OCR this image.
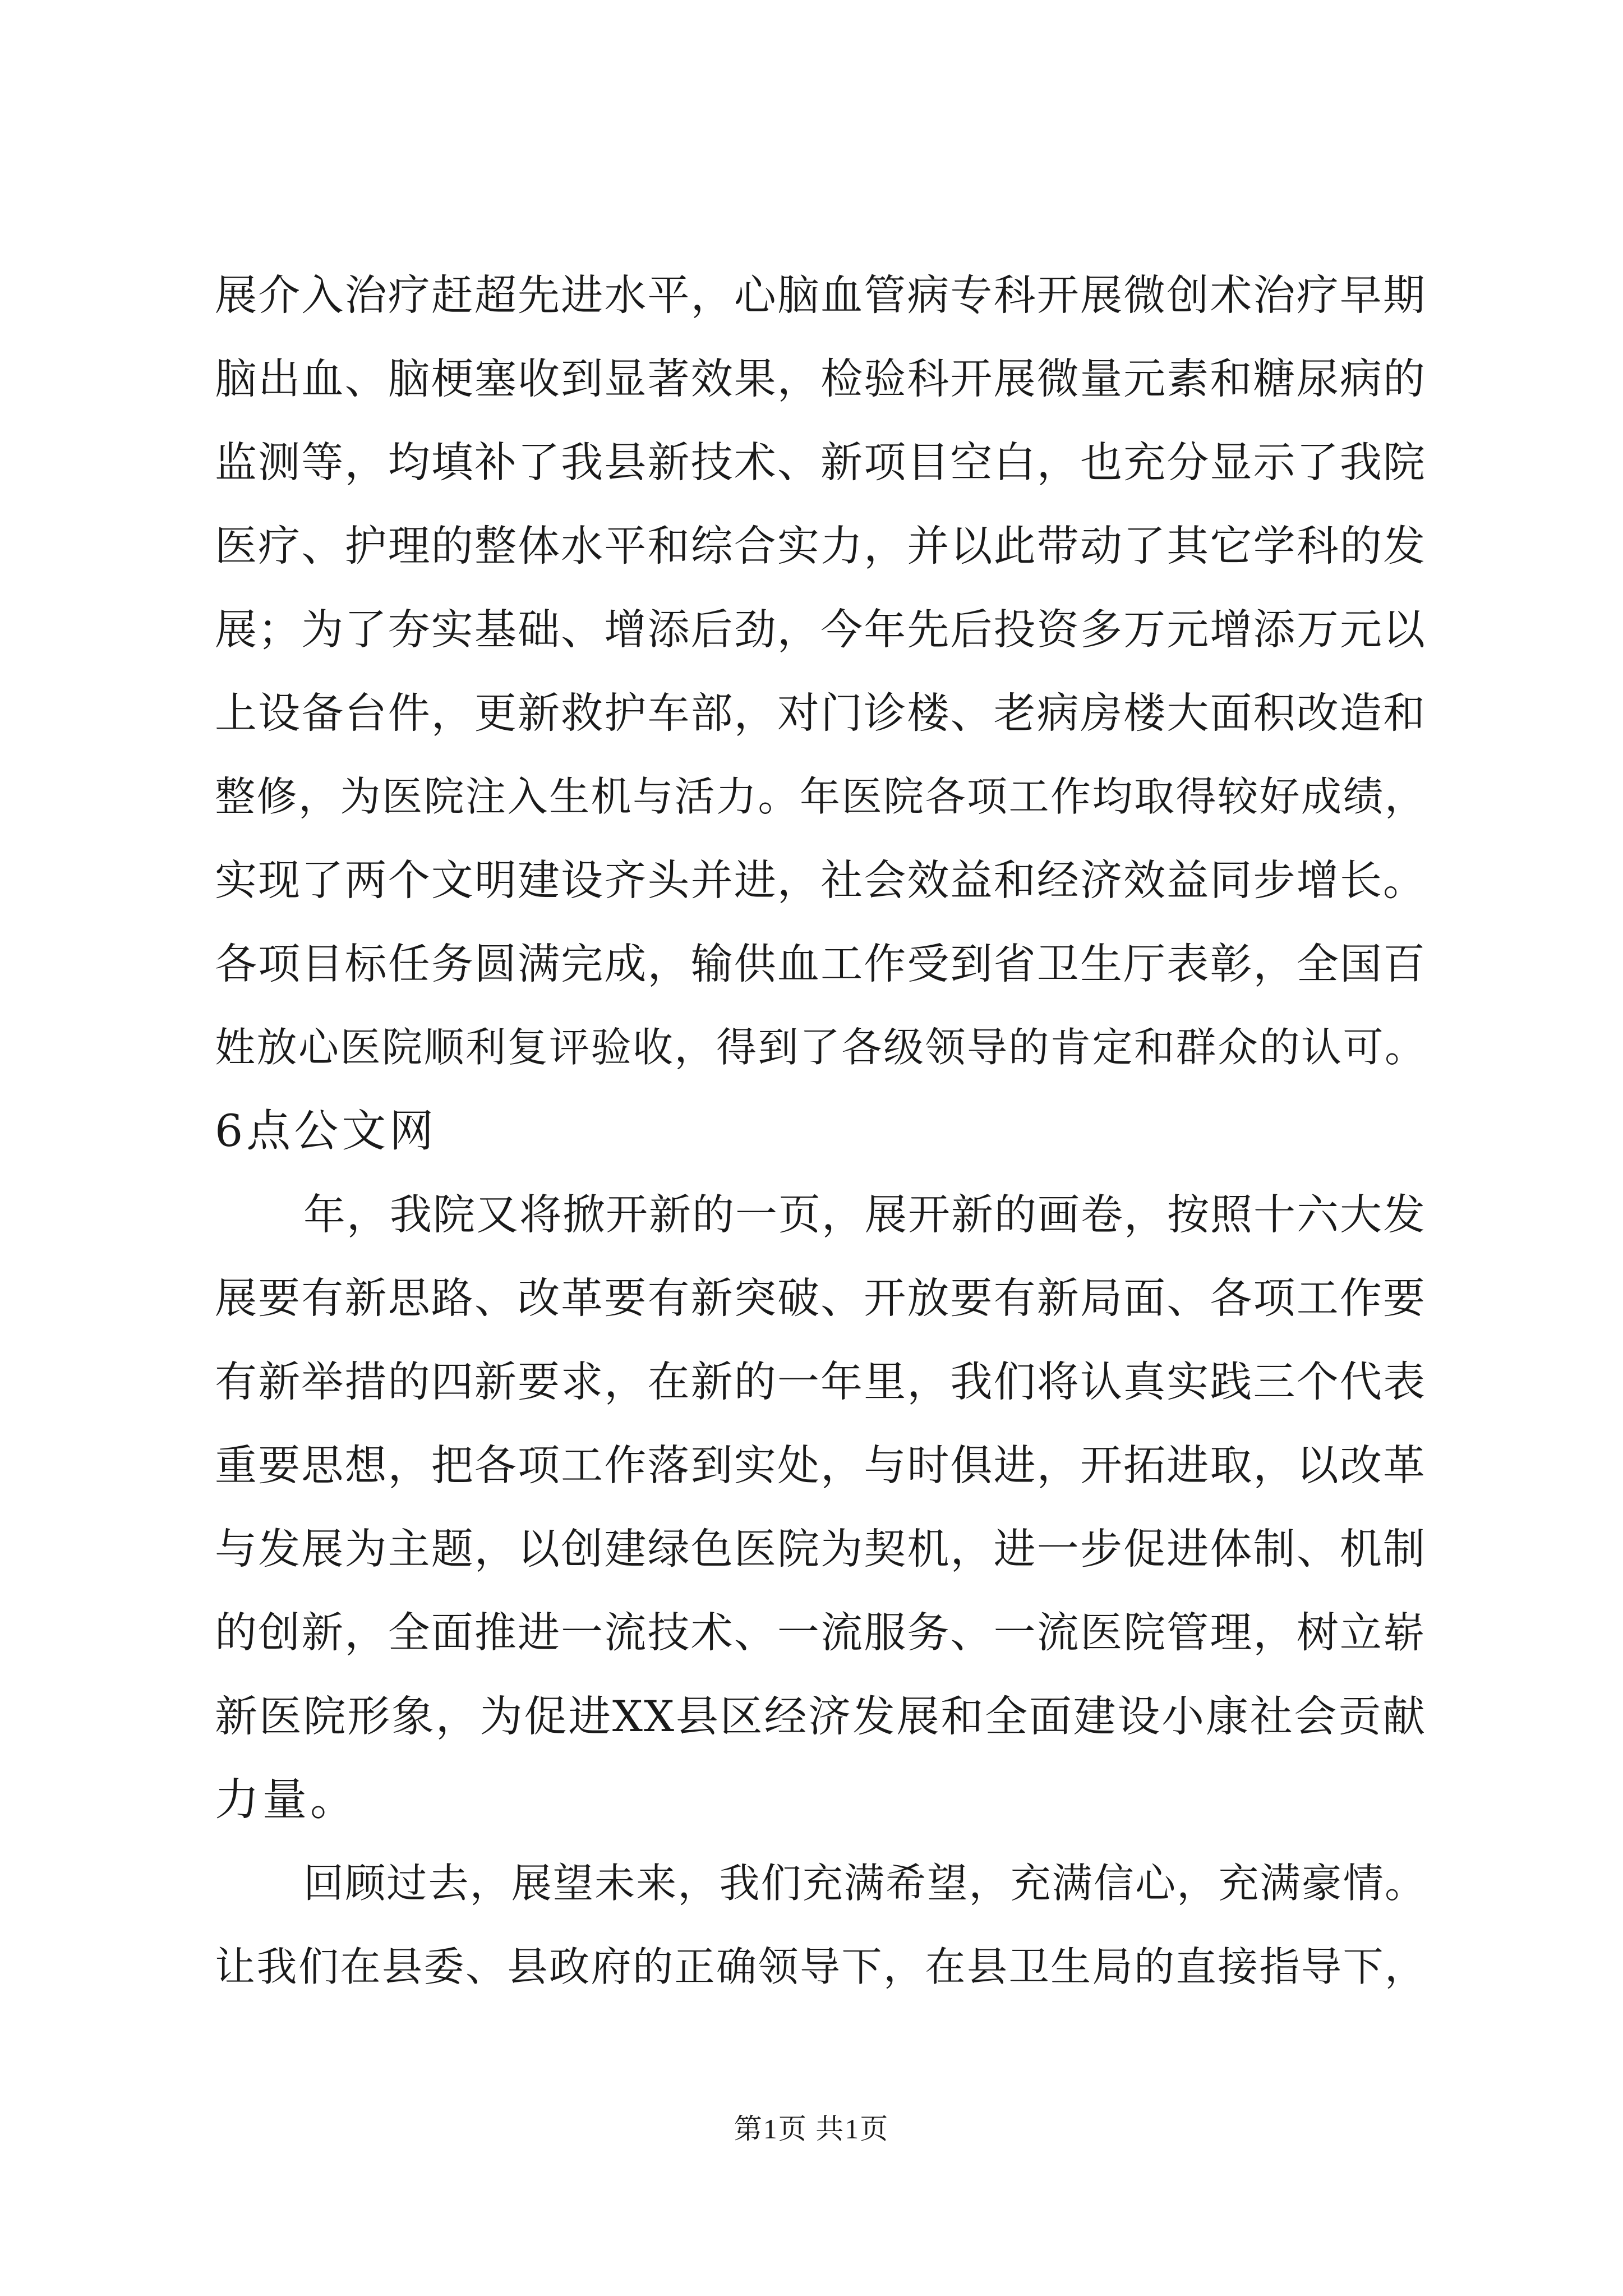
展介入治疗赶超先进水平，心脑血管病专科开展微创术治疗早期
脑出血、脑梗塞收到显著效果，检验科开展微量元素和糖尿病的
监测等，均填补了我县新技术、新项目空白，也充分显示了我院
医疗、护理的整体水平和综合实力，并以此带动了其它学科的发
展；为了夯实基础、增添后劲，今年先后投资多万元增添万元以
上设备台件，更新救护车部，对门诊楼、老病房楼大面积改造和
整修，为医院注入生机与活力。年医院各项工作均取得较好成绩，
实现了两个文明建设齐头并进，社会效益和经济效益同步增长。
各项目标任务圆满完成，输供血工作受到省卫生厅表彰，全国百
姓放心医院顺利复评验收，得到了各级领导的肯定和群众的认可。
6点公文网
年，我院又将掀开新的一页，展开新的画卷，按照十六大发
展要有新思路、改革要有新突破、开放要有新局面、各项工作要
有新举措的四新要求，在新的一年里，我们将认真实践三个代表
重要思想，把各项工作落到实处，与时俱进，开拓进取，以改革
与发展为主题，以创建绿色医院为契机，进一步促进体制、机制
的创新，全面推进一流技术、一流服务、一流医院管理，树立崭
新医院形象，为促进XX县区经济发展和全面建设小康社会贡献
力量。
回顾过去，展望未来，我们充满希望，充满信心，充满豪情。
让我们在县委、县政府的正确领导下，在县卫生局的直接指导下，
第1页 共1页
